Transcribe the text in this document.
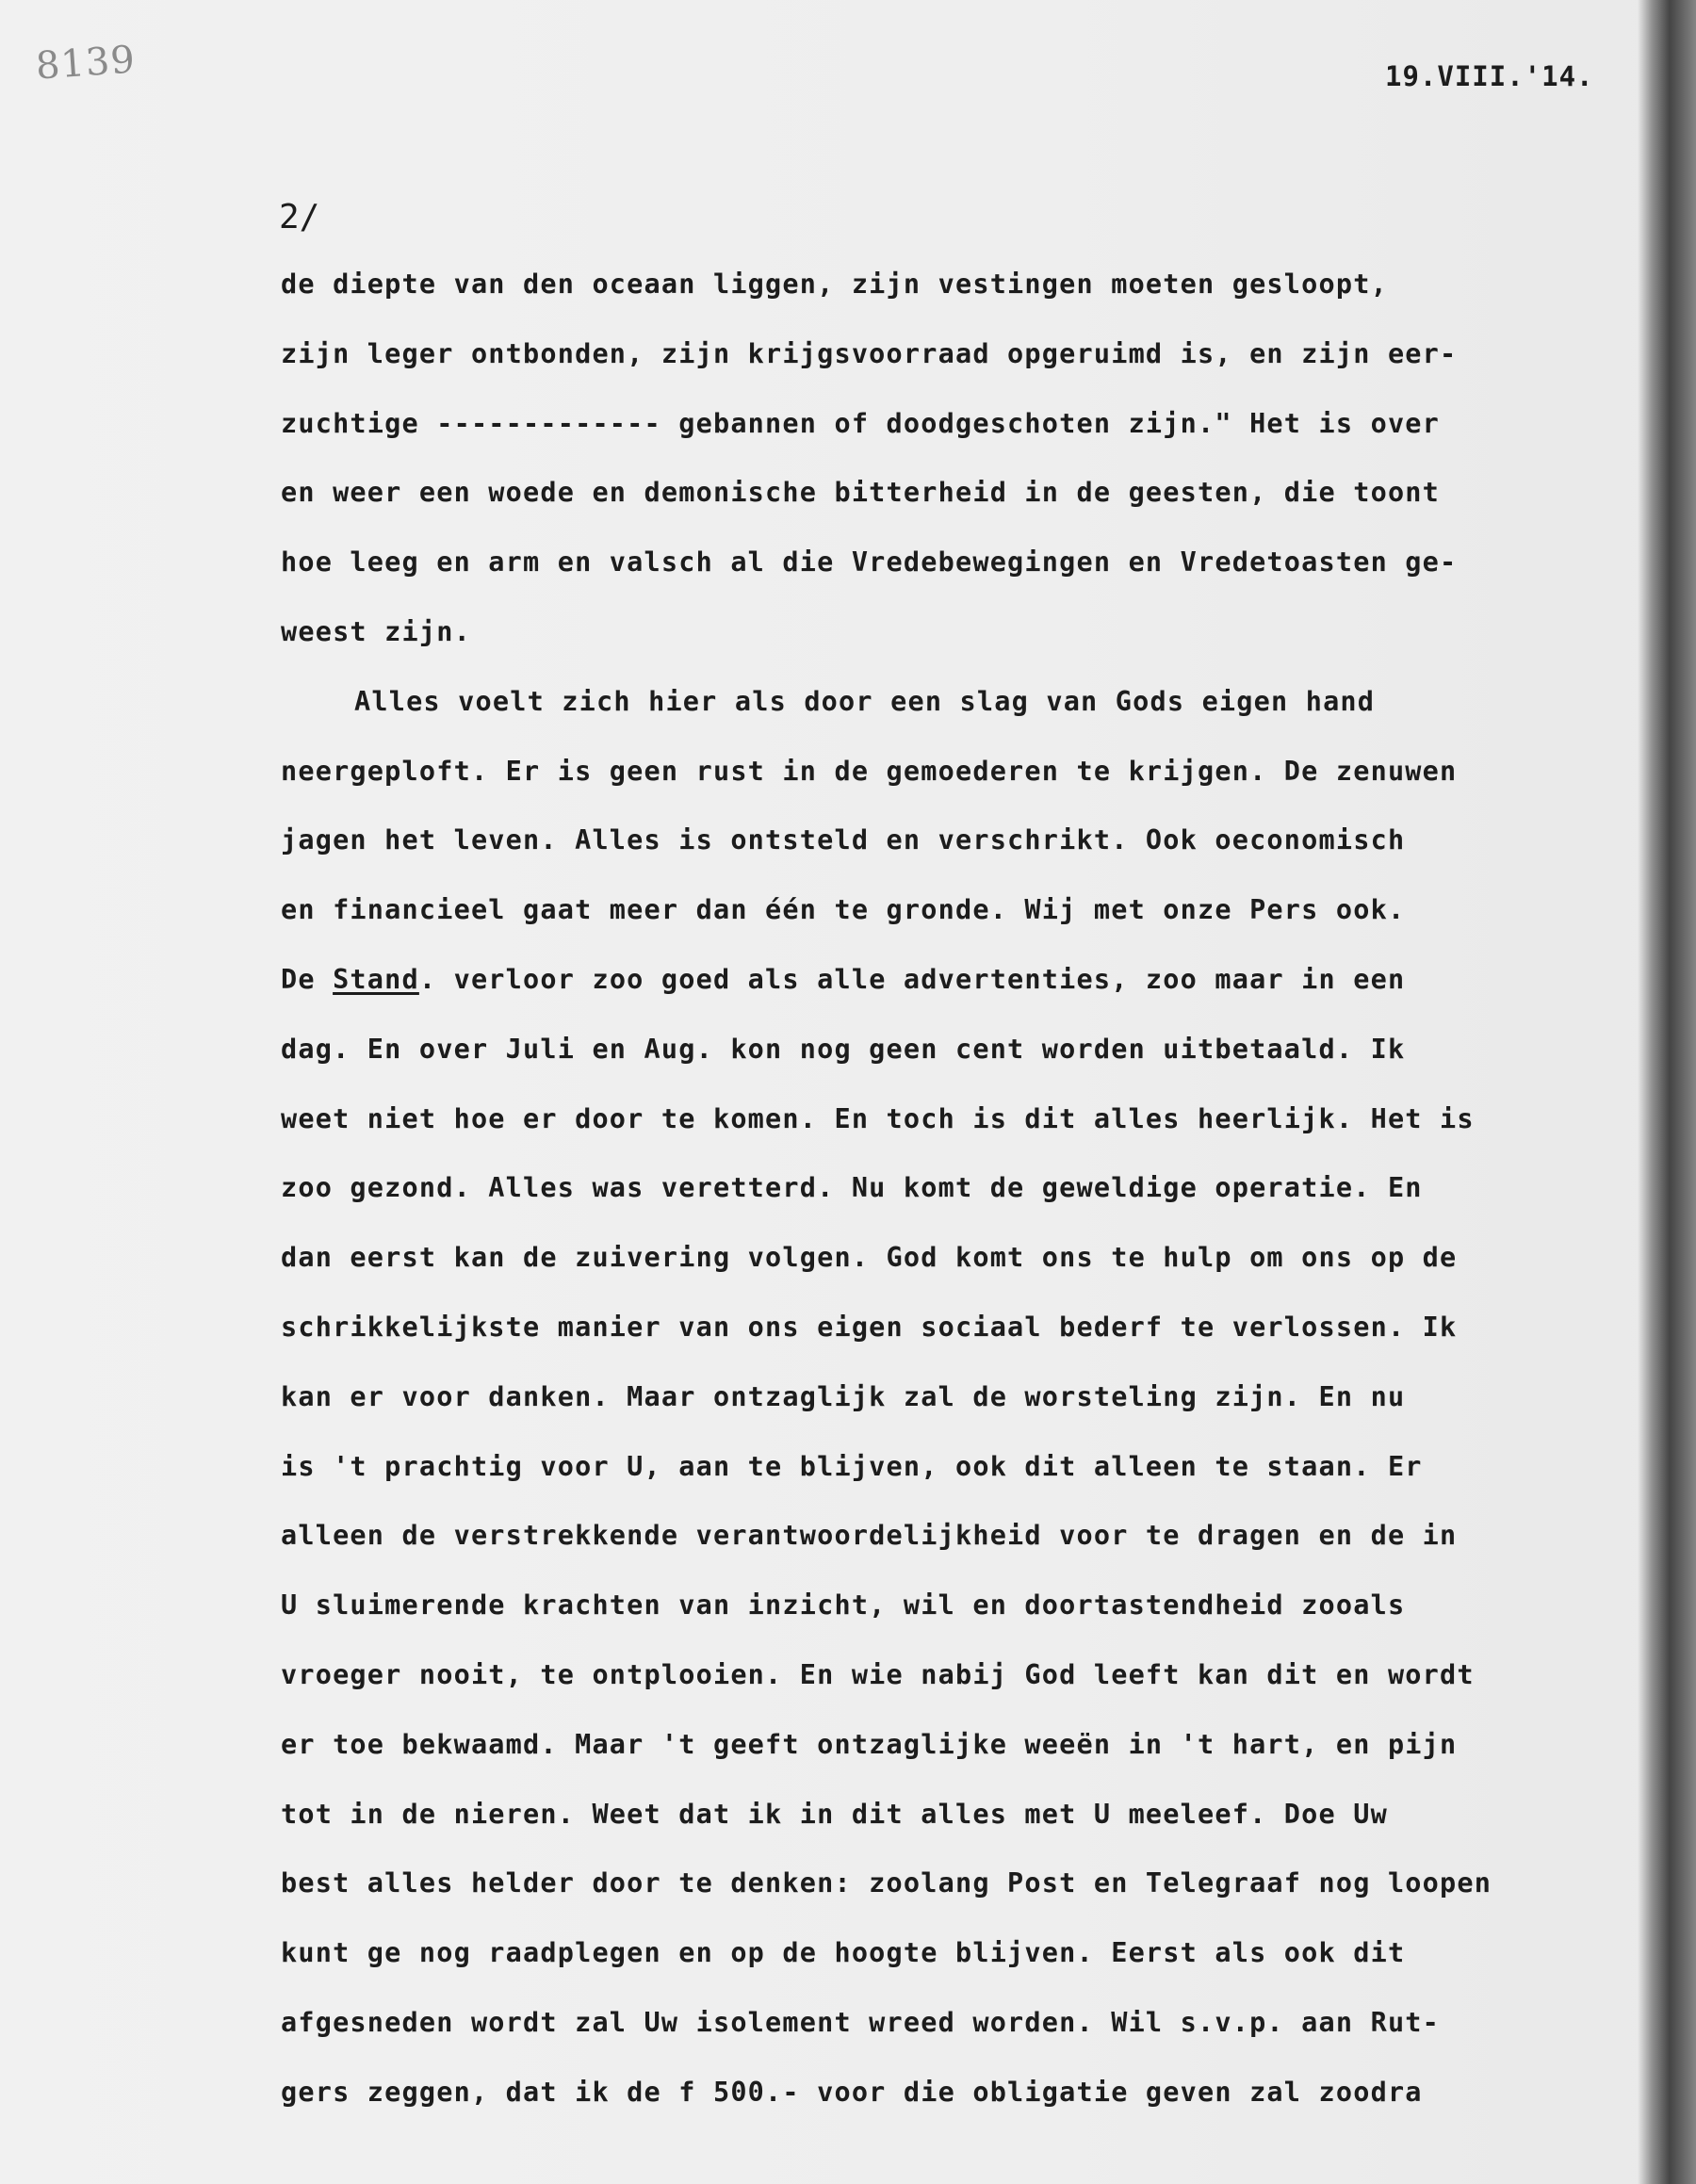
8139	19.VIII.'14.
2/
de diepte van den oceaan liggen, zijn vestingen moeten gesloopt,
zijn leger ontbonden, zijn krijgsvoorraad opgeruimd is, en zijn eer-
zuchtige ------------- gebannen of doodgeschoten zijn." Het is over
en weer een woede en demonische bitterheid in de geesten, die toont
hoe leeg en arm en valsch al die Vredebewegingen en Vredetoasten ge-
weest zijn.
Alles voelt zich hier als door een slag van Gods eigen hand
neergeploft. Er is geen rust in de gemoederen te krijgen. De zenuwen
jagen het leven. Alles is ontsteld en verschrikt. Ook oeconomisch
en financieel gaat meer dan één te gronde. Wij met onze Pers ook.
De Stand. verloor zoo goed als alle advertenties, zoo maar in een
dag. En over Juli en Aug. kon nog geen cent worden uitbetaald. Ik
weet niet hoe er door te komen. En toch is dit alles heerlijk. Het is
zoo gezond. Alles was veretterd. Nu komt de geweldige operatie. En
dan eerst kan de zuivering volgen. God komt ons te hulp om ons op de
schrikkelijkste manier van ons eigen sociaal bederf te verlossen. Ik
kan er voor danken. Maar ontzaglijk zal de worsteling zijn. En nu
is 't prachtig voor U, aan te blijven, ook dit alleen te staan. Er
alleen de verstrekkende verantwoordelijkheid voor te dragen en de in
U sluimerende krachten van inzicht, wil en doortastendheid zooals
vroeger nooit, te ontplooien. En wie nabij God leeft kan dit en wordt
er toe bekwaamd. Maar 't geeft ontzaglijke weeën in 't hart, en pijn
tot in de nieren. Weet dat ik in dit alles met U meeleef. Doe Uw
best alles helder door te denken: zoolang Post en Telegraaf nog loopen
kunt ge nog raadplegen en op de hoogte blijven. Eerst als ook dit
afgesneden wordt zal Uw isolement wreed worden. Wil s.v.p. aan Rut-
gers zeggen, dat ik de f 500.- voor die obligatie geven zal zoodra
